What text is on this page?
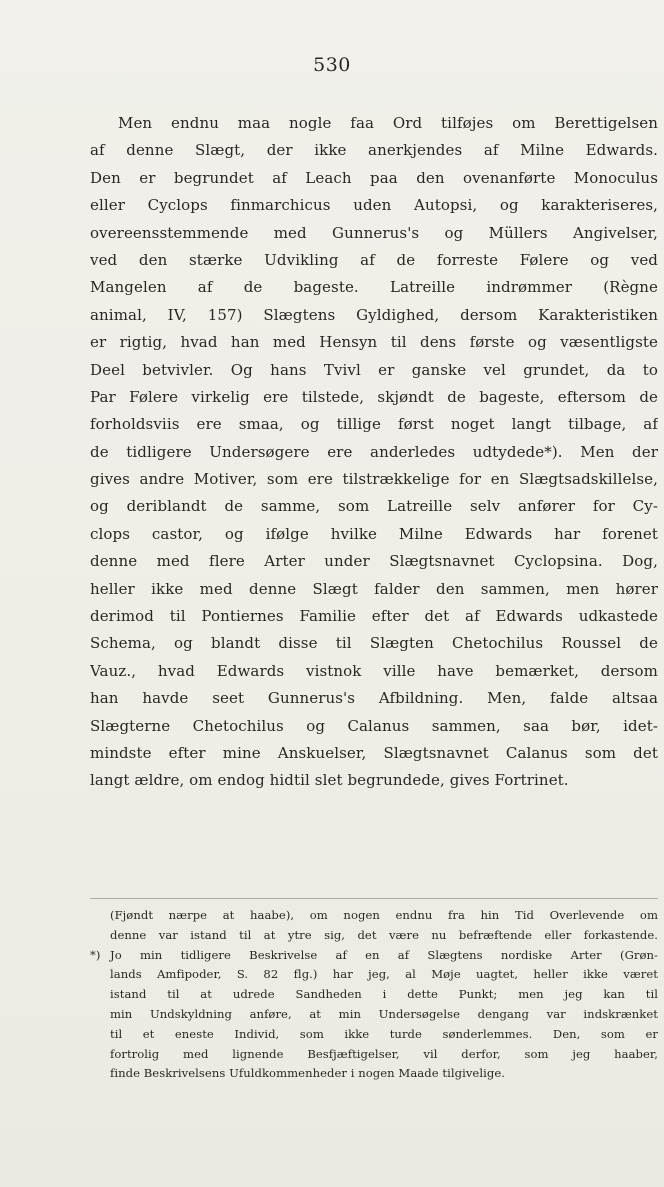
530
Men endnu maa nogle faa Ord tilføjes om Berettigelsen
af denne Slægt, der ikke anerkjendes af Milne Edwards.
Den er begrundet af Leach paa den ovenanførte Monoculus
eller Cyclops finmarchicus uden Autopsi, og karakteriseres,
overeensstemmende med Gunnerus's og Müllers Angivelser,
ved den stærke Udvikling af de forreste Følere og ved
Mangelen af de bageste. Latreille indrømmer (Règne
animal, IV, 157) Slægtens Gyldighed, dersom Karakteristiken
er rigtig, hvad han med Hensyn til dens første og væsentligste
Deel betvivler. Og hans Tvivl er ganske vel grundet, da to
Par Følere virkelig ere tilstede, skjøndt de bageste, eftersom de
forholdsviis ere smaa, og tillige først noget langt tilbage, af
de tidligere Undersøgere ere anderledes udtydede*). Men der
gives andre Motiver, som ere tilstrækkelige for en Slægtsadskillelse,
og deriblandt de samme, som Latreille selv anfører for Cy-
clops castor, og ifølge hvilke Milne Edwards har forenet
denne med flere Arter under Slægtsnavnet Cyclopsina. Dog,
heller ikke med denne Slægt falder den sammen, men hører
derimod til Pontiernes Familie efter det af Edwards udkastede
Schema, og blandt disse til Slægten Chetochilus Roussel de
Vauz., hvad Edwards vistnok ville have bemærket, dersom
han havde seet Gunnerus's Afbildning. Men, falde altsaa
Slægterne Chetochilus og Calanus sammen, saa bør, idet-
mindste efter mine Anskuelser, Slægtsnavnet Calanus som det
langt ældre, om endog hidtil slet begrundede, gives Fortrinet.
(Fjøndt nærpe at haabe), om nogen endnu fra hin Tid Overlevende om
denne var istand til at ytre sig, det være nu befræftende eller forkastende.
*) Jo min tidligere Beskrivelse af en af Slægtens nordiske Arter (Grøn-
lands Amfipoder, S. 82 flg.) har jeg, al Møje uagtet, heller ikke været
istand til at udrede Sandheden i dette Punkt; men jeg kan til
min Undskyldning anføre, at min Undersøgelse dengang var indskrænket
til et eneste Individ, som ikke turde sønderlemmes. Den, som er
fortrolig med lignende Besfjæftigelser, vil derfor, som jeg haaber,
finde Beskrivelsens Ufuldkommenheder i nogen Maade tilgivelige.
